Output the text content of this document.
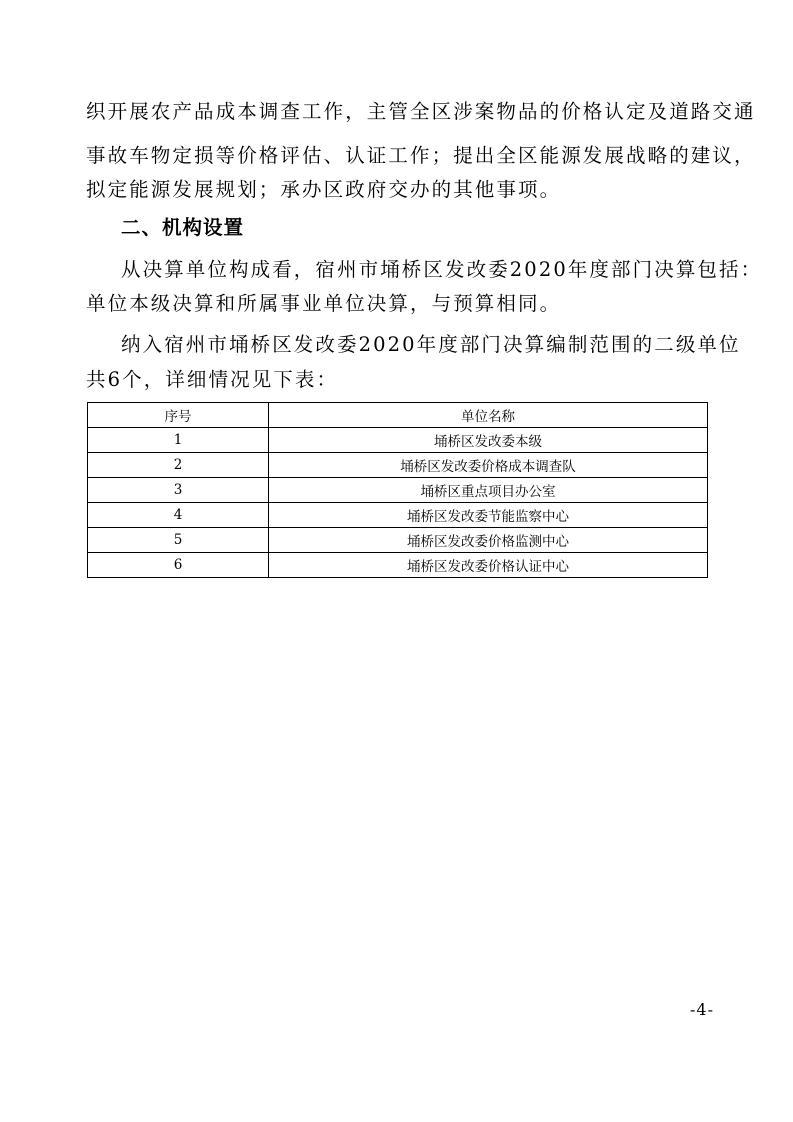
织开展农产品成本调查工作，主管全区涉案物品的价格认定及道路交通
事故车物定损等价格评估、认证工作；提出全区能源发展战略的建议，
拟定能源发展规划；承办区政府交办的其他事项。
二、机构设置
从决算单位构成看，宿州市埇桥区发改委2020年度部门决算包括：
单位本级决算和所属事业单位决算，与预算相同。
纳入宿州市埇桥区发改委2020年度部门决算编制范围的二级单位
共6个，详细情况见下表：
序号	单位名称
1	埇桥区发改委本级
2	埇桥区发改委价格成本调查队
3	埇桥区重点项目办公室
4	埇桥区发改委节能监察中心
5	埇桥区发改委价格监测中心
6	埇桥区发改委价格认证中心
-4-
